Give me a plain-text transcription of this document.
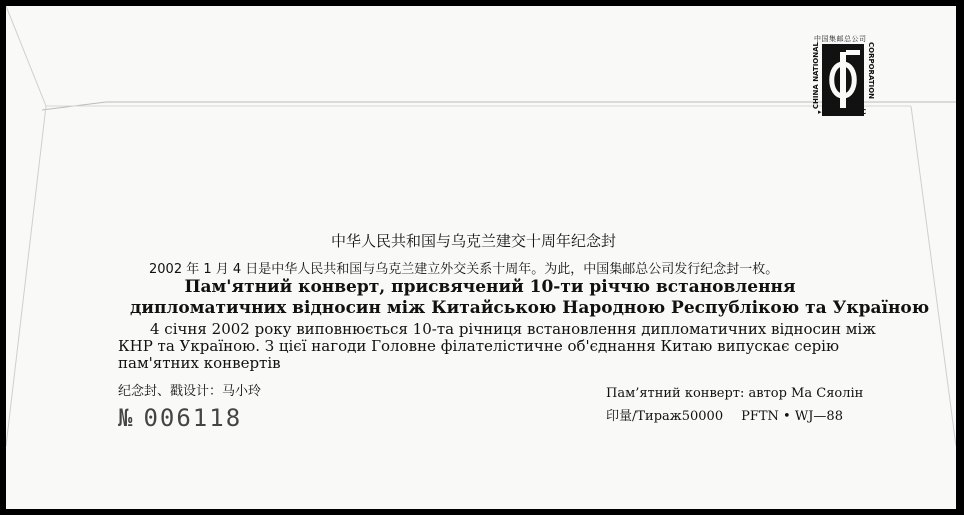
中国集邮总公司
CHINA NATIONAL	CORPORATION
▸PHILATELIC
中华人民共和国与乌克兰建交十周年纪念封
2002 年 1 月 4 日是中华人民共和国与乌克兰建立外交关系十周年。为此，中国集邮总公司发行纪念封一枚。
Пам'ятний конверт, присвячений 10-ти річчю встановлення
дипломатичних відносин між Китайською Народною Республікою та Україною
4 січня 2002 року виповнюється 10-та річниця встановлення дипломатичних відносин між КНР та Україною. З цієї нагоди Головне філателістичне об'єднання Китаю випускає серію пам'ятних конвертів
纪念封、戳设计：马小玲	Пам’ятний конверт: автор Ма Сяолін
印量/Тираж50000 PFTN • WJ—88
№ 006118
